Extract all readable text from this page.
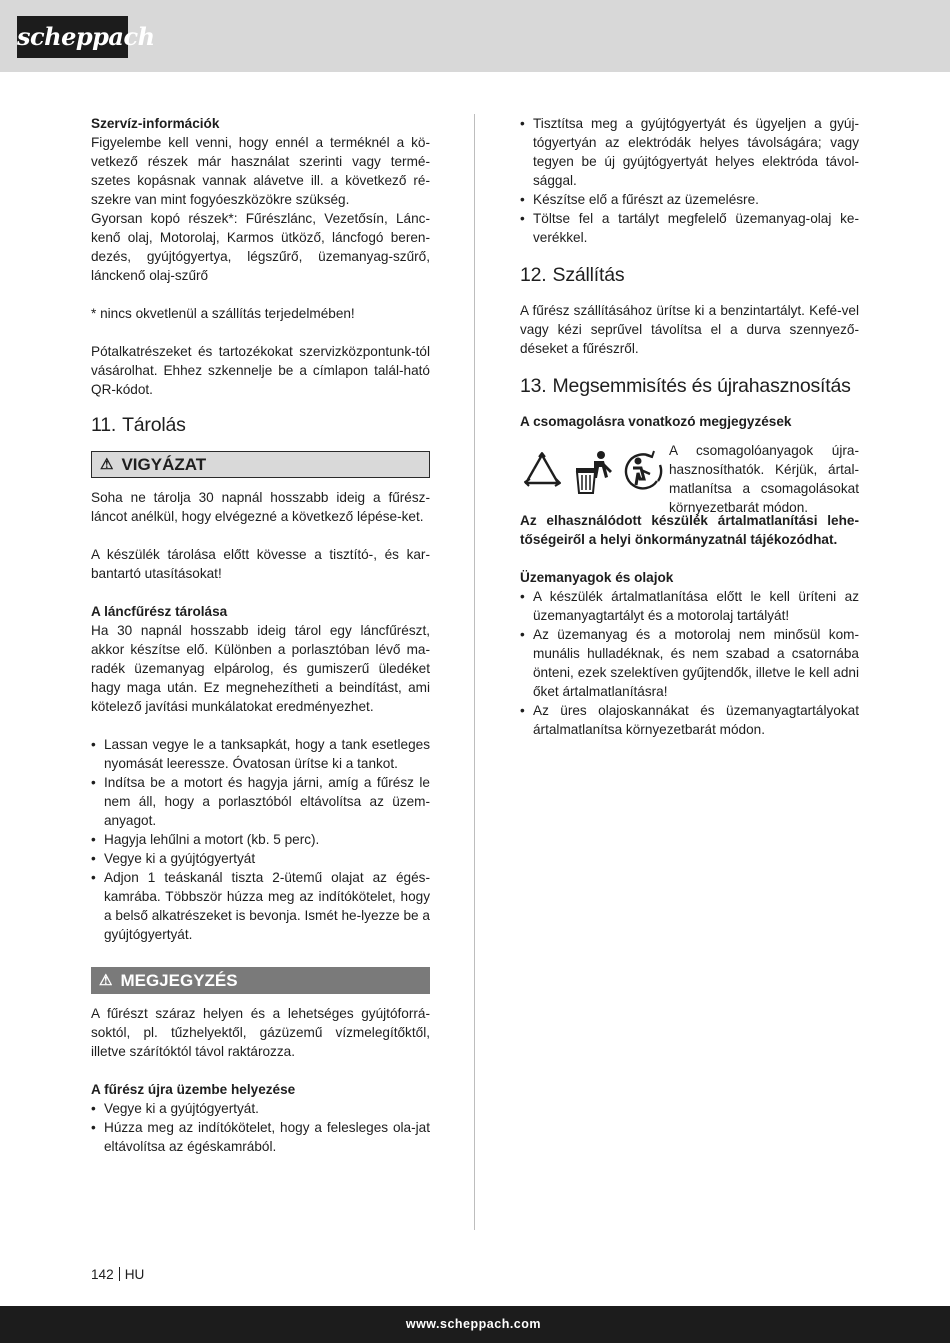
scheppach

Szervíz-információk

Figyelembe kell venni, hogy ennél a terméknél a kö-vetkező részek már használat szerinti vagy termé-szetes kopásnak vannak alávetve ill. a következő ré-szekre van mint fogyóeszközökre szükség.

Gyorsan kopó részek*: Fűrészlánc, Vezetősín, Lánc-kenő olaj, Motorolaj, Karmos ütköző, láncfogó beren-dezés, gyújtógyertya, légszűrő, üzemanyag-szűrő, lánckenő olaj-szűrő

* nincs okvetlenül a szállítás terjedelmében!

Pótalkatrészeket és tartozékokat szervizközpontunk-tól vásárolhat. Ehhez szkennelje be a címlapon talál-ható QR-kódot.

11. Tárolás
⚠ VIGYÁZAT

Soha ne tárolja 30 napnál hosszabb ideig a fűrész-láncot anélkül, hogy elvégezné a következő lépése-ket.

A készülék tárolása előtt kövesse a tisztító-, és kar-bantartó utasításokat!

A láncfűrész tárolása

Ha 30 napnál hosszabb ideig tárol egy láncfűrészt, akkor készítse elő. Különben a porlasztóban lévő ma-radék üzemanyag elpárolog, és gumiszerű üledéket hagy maga után. Ez megnehezítheti a beindítást, ami kötelező javítási munkálatokat eredményezhet.

• Lassan vegye le a tanksapkát, hogy a tank esetleges nyomását leeressze. Óvatosan ürítse ki a tankot.
• Indítsa be a motort és hagyja járni, amíg a fűrész le nem áll, hogy a porlasztóból eltávolítsa az üzem-anyagot.
• Hagyja lehűlni a motort (kb. 5 perc).
• Vegye ki a gyújtógyertyát
• Adjon 1 teáskanál tiszta 2-ütemű olajat az égés-kamrába. Többször húzza meg az indítókötelet, hogy a belső alkatrészeket is bevonja. Ismét he-lyezze be a gyújtógyertyát.
⚠ MEGJEGYZÉS

A fűrészt száraz helyen és a lehetséges gyújtóforrá-soktól, pl. tűzhelyektől, gázüzemű vízmelegítőktől, illetve szárítóktól távol raktározza.

A fűrész újra üzembe helyezése

• Vegye ki a gyújtógyertyát.
• Húzza meg az indítókötelet, hogy a felesleges ola-jat eltávolítsa az égéskamrából.
• Tisztítsa meg a gyújtógyertyát és ügyeljen a gyúj-tógyertyán az elektródák helyes távolságára; vagy tegyen be új gyújtógyertyát helyes elektróda távol-sággal.
• Készítse elő a fűrészt az üzemelésre.
• Töltse fel a tartályt megfelelő üzemanyag-olaj ke-verékkel.
12. Szállítás

A fűrész szállításához ürítse ki a benzintartályt. Kefé-vel vagy kézi seprűvel távolítsa el a durva szennyező-déseket a fűrészről.

13. Megsemmisítés és újrahasznosítás

A csomagolásra vonatkozó megjegyzések

A csomagolóanyagok újra-hasznosíthatók. Kérjük, ártal-matlanítsa a csomagolásokat környezetbarát módon.

Az elhasználódott készülék ártalmatlanítási lehe-tőségeiről a helyi önkormányzatnál tájékozódhat.

Üzemanyagok és olajok

• A készülék ártalmatlanítása előtt le kell üríteni az üzemanyagtartályt és a motorolaj tartályát!
• Az üzemanyag és a motorolaj nem minősül kom-munális hulladéknak, és nem szabad a csatornába önteni, ezek szelektíven gyűjtendők, illetve le kell adni őket ártalmatlanításra!
• Az üres olajoskannákat és üzemanyagtartályokat ártalmatlanítsa környezetbarát módon.
142 HU
www.scheppach.com
